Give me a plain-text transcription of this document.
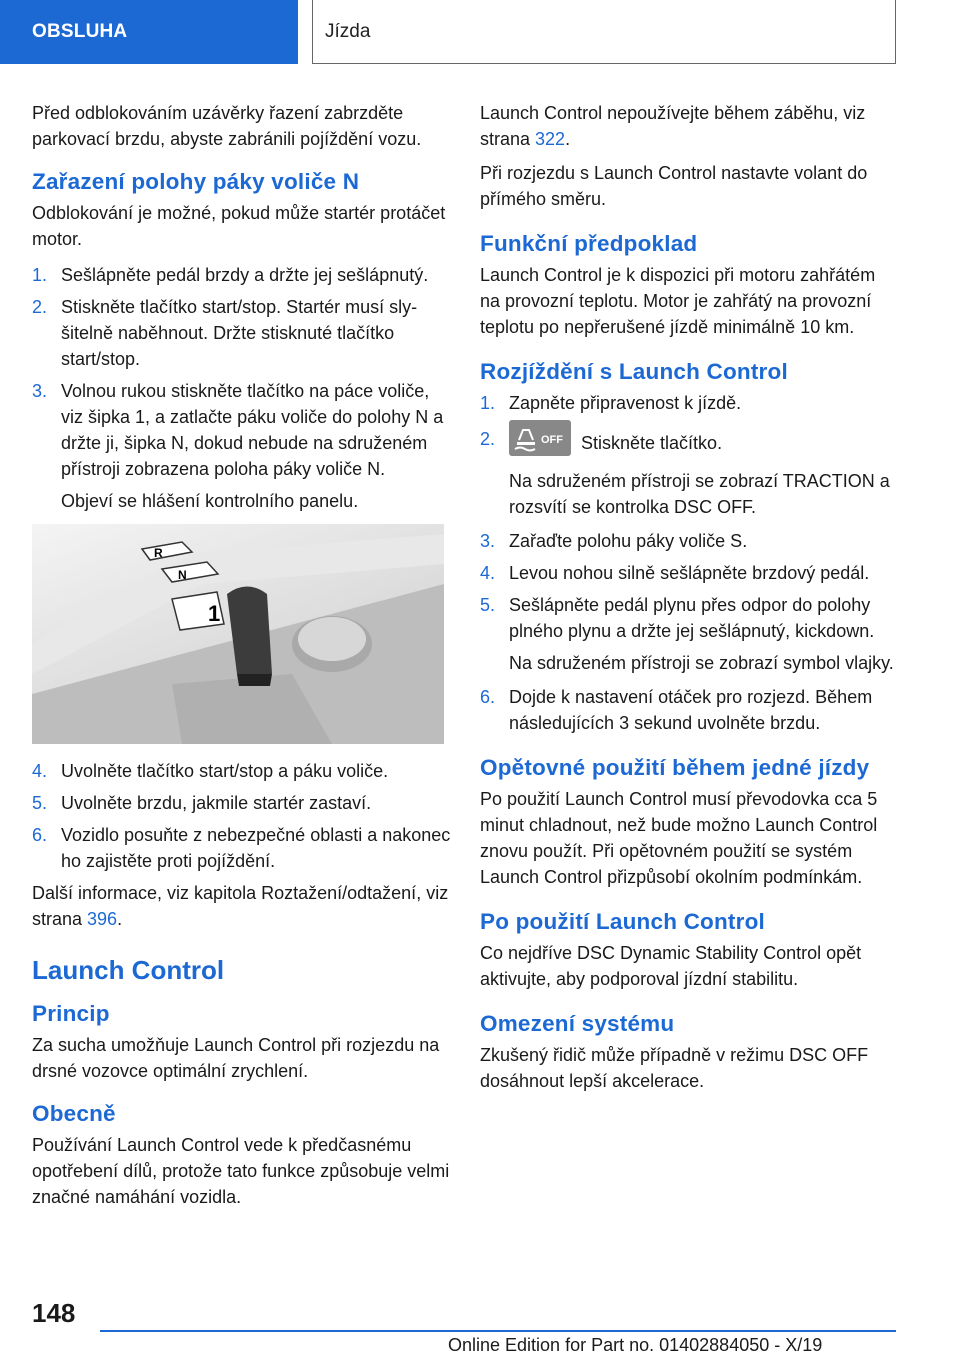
OBSLUHA	Jízda

Před odblokováním uzávěrky řazení zabrzděte parkovací brzdu, abyste zabránili pojíždění vozu.

Zařazení polohy páky voliče N

Odblokování je možné, pokud může startér protáčet motor.

1. Sešlápněte pedál brzdy a držte jej sešlápnutý.
2. Stiskněte tlačítko start/stop. Startér musí slyšitelně naběhnout. Držte stisknuté tlačítko start/stop.
3. Volnou rukou stiskněte tlačítko na páce voliče, viz šipka 1, a zatlačte páku voliče do polohy N a držte ji, šipka N, dokud nebude na sdruženém přístroji zobrazena poloha páky voliče N.
Objeví se hlášení kontrolního panelu.
R
N
1
4. Uvolněte tlačítko start/stop a páku voliče.
5. Uvolněte brzdu, jakmile startér zastaví.
6. Vozidlo posuňte z nebezpečné oblasti a nakonec ho zajistěte proti pojíždění.

Další informace, viz kapitola Roztažení/odtažení, viz strana 396.

Launch Control
Princip

Za sucha umožňuje Launch Control při rozjezdu na drsné vozovce optimální zrychlení.

Obecně

Používání Launch Control vede k předčasnému opotřebení dílů, protože tato funkce způsobuje velmi značné namáhání vozidla.

Launch Control nepoužívejte během záběhu, viz strana 322.

Při rozjezdu s Launch Control nastavte volant do přímého směru.

Funkční předpoklad

Launch Control je k dispozici při motoru zahřátém na provozní teplotu. Motor je zahřátý na provozní teplotu po nepřerušené jízdě minimálně 10 km.

Rozjíždění s Launch Control
1. Zapněte připravenost k jízdě.
2.	OFF Stiskněte tlačítko.
Na sdruženém přístroji se zobrazí TRACTION a rozsvítí se kontrolka DSC OFF.
3. Zařaďte polohu páky voliče S.
4. Levou nohou silně sešlápněte brzdový pedál.
5. Sešlápněte pedál plynu přes odpor do polohy plného plynu a držte jej sešlápnutý, kickdown.
Na sdruženém přístroji se zobrazí symbol vlajky.
6. Dojde k nastavení otáček pro rozjezd. Během následujících 3 sekund uvolněte brzdu.
Opětovné použití během jedné jízdy

Po použití Launch Control musí převodovka cca 5 minut chladnout, než bude možno Launch Control znovu použít. Při opětovném použití se systém Launch Control přizpůsobí okolním podmínkám.

Po použití Launch Control

Co nejdříve DSC Dynamic Stability Control opět aktivujte, aby podporoval jízdní stabilitu.

Omezení systému

Zkušený řidič může případně v režimu DSC OFF dosáhnout lepší akcelerace.

148
Online Edition for Part no. 01402884050 - X/19
